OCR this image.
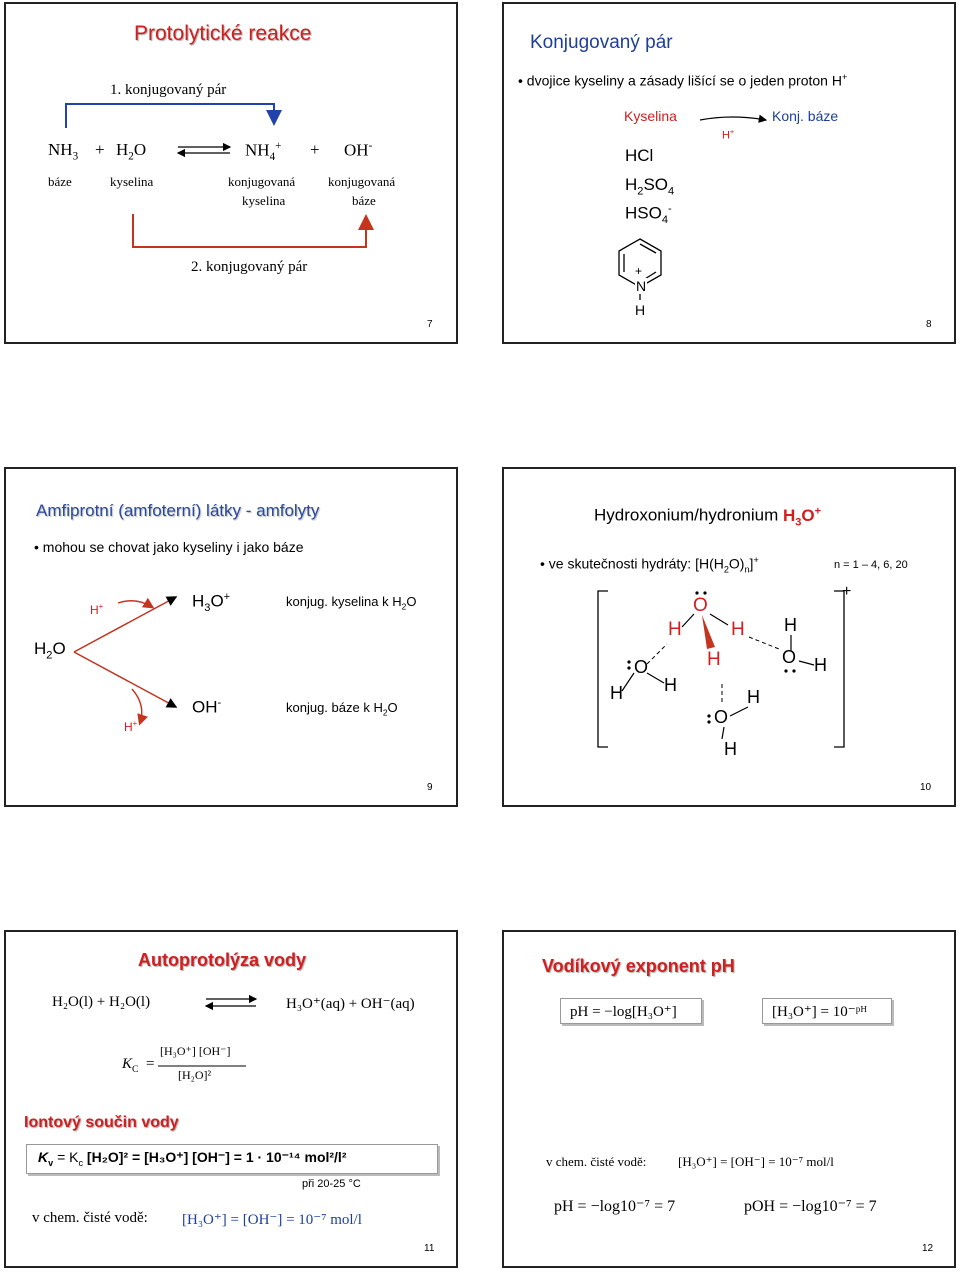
Protolytické reakce
1. konjugovaný pár
$NH_3 + H_2O$	$NH_4^+ + OH^-$
báze	kyselina	konjugovaná
kyselina
konjugovaná
báze
2. konjugovaný pár
7
Konjugovaný pár
• dvojice kyseliny a zásady lišící se o jeden proton H+
Kyselina	Konj. báze
H+
HCl
$H_2SO_4$
$HSO_4^-$
+
N
H
8
Amfiprotní (amfoterní) látky - amfolyty
• mohou se chovat jako kyseliny i jako báze
$H_2O$
H+
H+
$H_3O^+$
OH-
konjug. kyselina k $H_2O$
konjug. báze k $H_2O$
9
Hydroxonium/hydronium $H_3O^+$
• ve skutečnosti hydráty: $[H(H_2O)_n]^+$	n = 1 – 4, 6, 20
O
H	H
H
O
H H
O
H
H
H
O H
+
10
Autoprotolýza vody
H₂O(l) + H₂O(l)	H₃O⁺(aq) + OH⁻(aq)
$K_C$ =
[H₃O⁺] [OH⁻]
[H₂O]²
Iontový součin vody
$K_v = K_c$ [H₂O]² = [H₃O⁺] [OH⁻] = 1 · 10⁻¹⁴ mol²/l²
při 20-25 °C
v chem. čisté vodě: [H₃O⁺] = [OH⁻] = 10⁻⁷ mol/l
11
Vodíkový exponent pH
pH = −log[H₃O⁺]	[H₃O⁺] = 10⁻ᵖᴴ
v chem. čisté vodě: [H₃O⁺] = [OH⁻] = 10⁻⁷ mol/l
pH = −log10⁻⁷ = 7	pOH = −log10⁻⁷ = 7
12
